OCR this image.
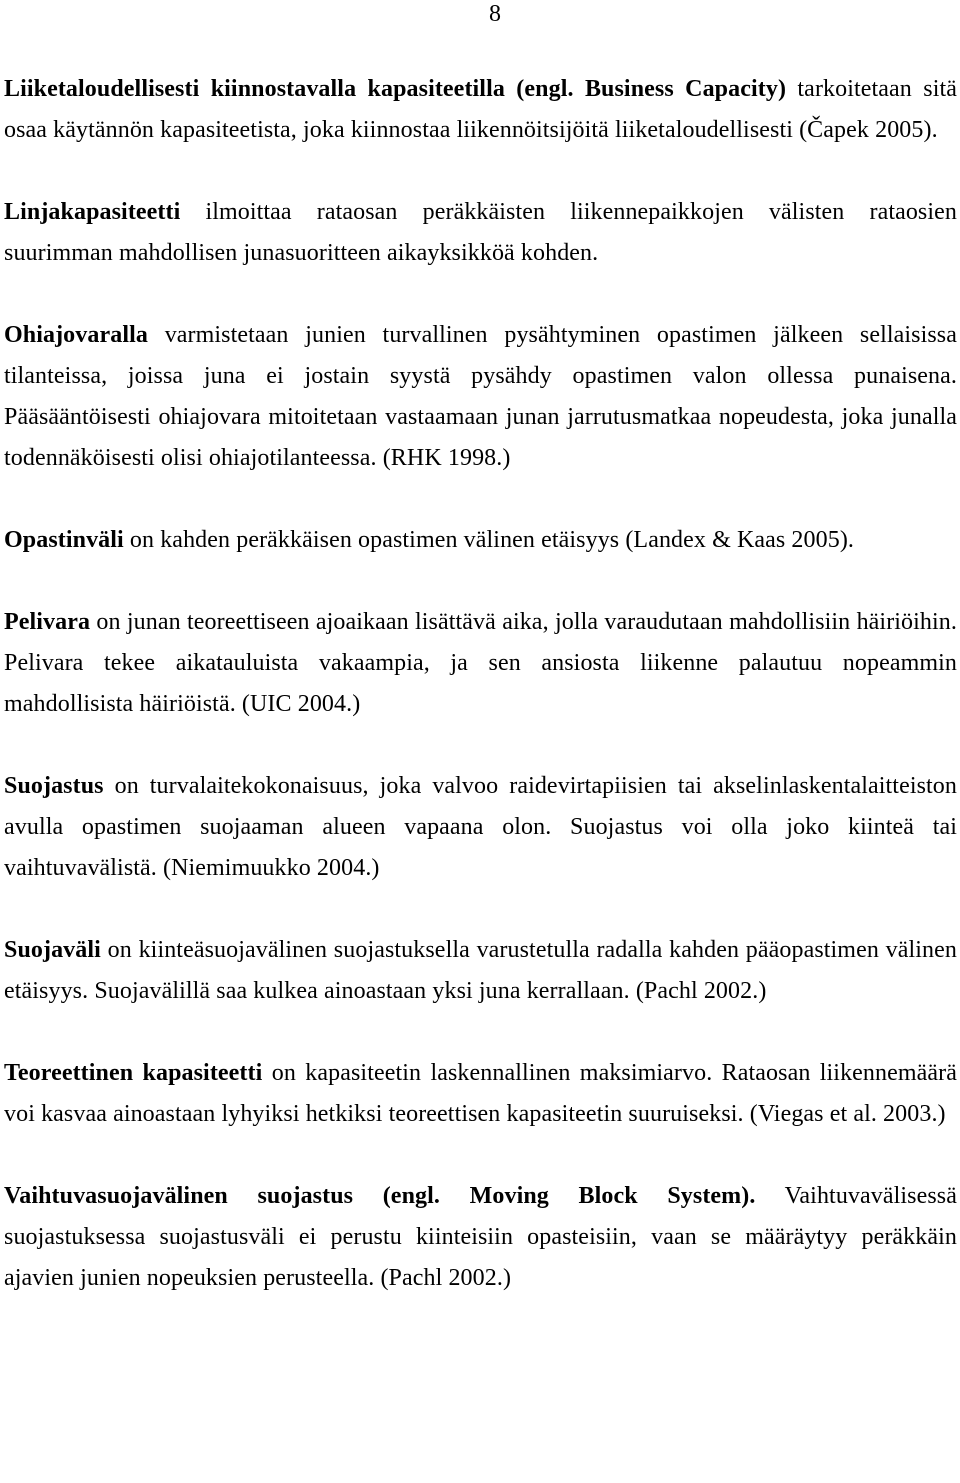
8

Liiketaloudellisesti kiinnostavalla kapasiteetilla (engl. Business Capacity) tarkoitetaan sitä osaa käytännön kapasiteetista, joka kiinnostaa liikennöitsijöitä liiketaloudellisesti (Čapek 2005).

Linjakapasiteetti ilmoittaa rataosan peräkkäisten liikennepaikkojen välisten rataosien suurimman mahdollisen junasuoritteen aikayksikköä kohden.

Ohiajovaralla varmistetaan junien turvallinen pysähtyminen opastimen jälkeen sellaisissa tilanteissa, joissa juna ei jostain syystä pysähdy opastimen valon ollessa punaisena. Pääsääntöisesti ohiajovara mitoitetaan vastaamaan junan jarrutusmatkaa nopeudesta, joka junalla todennäköisesti olisi ohiajotilanteessa. (RHK 1998.)

Opastinväli on kahden peräkkäisen opastimen välinen etäisyys (Landex & Kaas 2005).

Pelivara on junan teoreettiseen ajoaikaan lisättävä aika, jolla varaudutaan mahdollisiin häiriöihin. Pelivara tekee aikatauluista vakaampia, ja sen ansiosta liikenne palautuu nopeammin mahdollisista häiriöistä. (UIC 2004.)

Suojastus on turvalaitekokonaisuus, joka valvoo raidevirtapiisien tai akselinlaskentalaitteiston avulla opastimen suojaaman alueen vapaana olon. Suojastus voi olla joko kiinteä tai vaihtuvavälistä. (Niemimuukko 2004.)

Suojaväli on kiinteäsuojavälinen suojastuksella varustetulla radalla kahden pääopastimen välinen etäisyys. Suojavälillä saa kulkea ainoastaan yksi juna kerrallaan. (Pachl 2002.)

Teoreettinen kapasiteetti on kapasiteetin laskennallinen maksimiarvo. Rataosan liikennemäärä voi kasvaa ainoastaan lyhyiksi hetkiksi teoreettisen kapasiteetin suuruiseksi. (Viegas et al. 2003.)

Vaihtuvasuojavälinen suojastus (engl. Moving Block System). Vaihtuvavälisessä suojastuksessa suojastusväli ei perustu kiinteisiin opasteisiin, vaan se määräytyy peräkkäin ajavien junien nopeuksien perusteella. (Pachl 2002.)
